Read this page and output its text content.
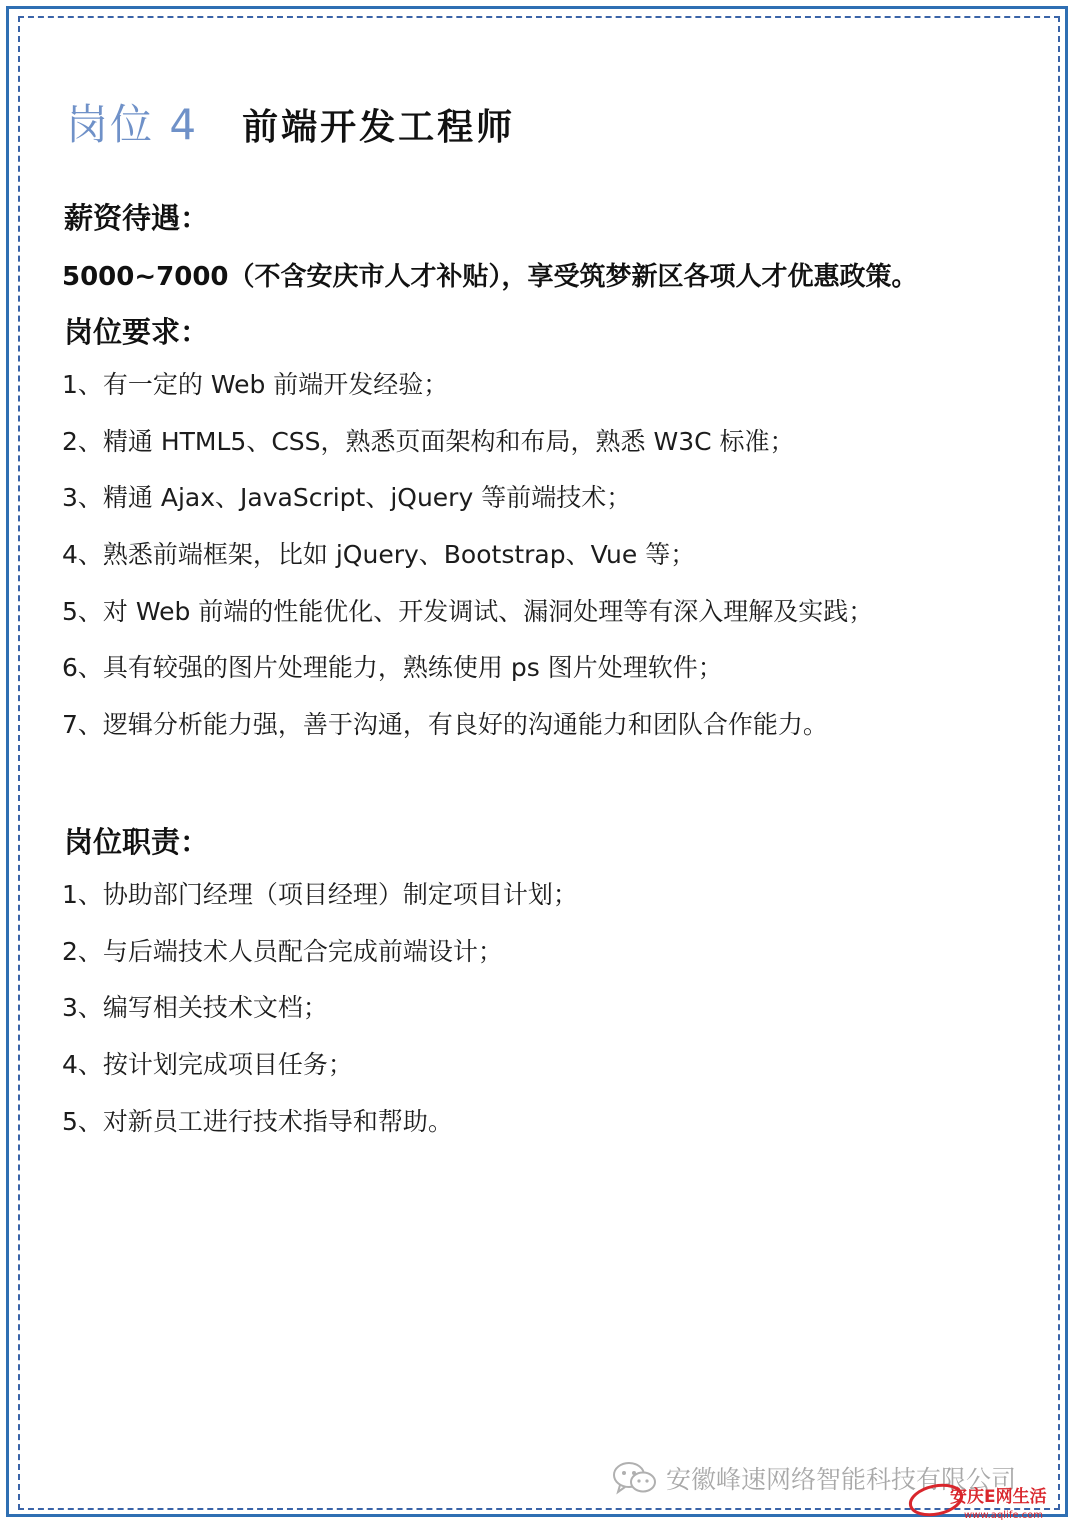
岗位 4 前端开发工程师
薪资待遇：

5000~7000（不含安庆市人才补贴），享受筑梦新区各项人才优惠政策。

岗位要求：
1、有一定的 Web 前端开发经验；
2、精通 HTML5、CSS，熟悉页面架构和布局，熟悉 W3C 标准；
3、精通 Ajax、JavaScript、jQuery 等前端技术；
4、熟悉前端框架，比如 jQuery、Bootstrap、Vue 等；
5、对 Web 前端的性能优化、开发调试、漏洞处理等有深入理解及实践；
6、具有较强的图片处理能力，熟练使用 ps 图片处理软件；
7、逻辑分析能力强，善于沟通，有良好的沟通能力和团队合作能力。
岗位职责：
1、协助部门经理（项目经理）制定项目计划；
2、与后端技术人员配合完成前端设计；
3、编写相关技术文档；
4、按计划完成项目任务；
5、对新员工进行技术指导和帮助。
安徽峰速网络智能科技有限公司
安庆E网生活
www.aqlife.com
